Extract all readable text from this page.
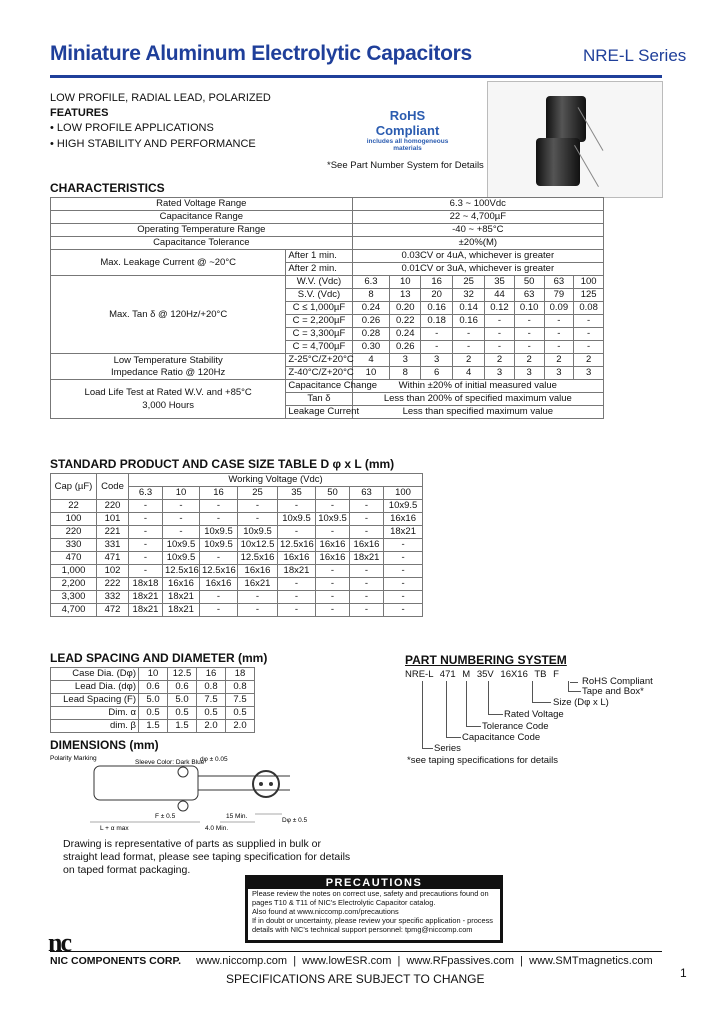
Miniature Aluminum Electrolytic Capacitors	NRE-L Series
LOW PROFILE, RADIAL LEAD, POLARIZED
FEATURES
• LOW PROFILE APPLICATIONS
• HIGH STABILITY AND PERFORMANCE
RoHS
Compliant
includes all homogeneous materials
*See Part Number System for Details
CHARACTERISTICS
Rated Voltage Range		6.3 ~ 100Vdc							
Capacitance Range		22 ~ 4,700µF							
Operating Temperature Range		-40 ~ +85°C							
Capacitance Tolerance		±20%(M)							
Max. Leakage Current @ ~20°C	After 1 min.	0.03CV or 4uA, whichever is greater							
	After 2 min.	0.01CV or 3uA, whichever is greater							
Max. Tan δ @ 120Hz/+20°C	W.V. (Vdc)	6.3	10	16	25	35	50	63	100
	S.V. (Vdc)	8	13	20	32	44	63	79	125
	C ≤ 1,000µF	0.24	0.20	0.16	0.14	0.12	0.10	0.09	0.08
	C = 2,200µF	0.26	0.22	0.18	0.16	-	-	-	-
	C = 3,300µF	0.28	0.24	-	-	-	-	-	-
	C = 4,700µF	0.30	0.26	-	-	-	-	-	-
Low Temperature Stability
Impedance Ratio @ 120Hz	Z-25°C/Z+20°C	4	3	3	2	2	2	2	2
	Z-40°C/Z+20°C	10	8	6	4	3	3	3	3
Load Life Test at Rated W.V. and +85°C
3,000 Hours	Capacitance Change	Within ±20% of initial measured value							
	Tan δ	Less than 200% of specified maximum value							
	Leakage Current	Less than specified maximum value							
STANDARD PRODUCT AND CASE SIZE TABLE D φ x L (mm)
Cap (µF)	Code	Working Voltage (Vdc)							
		6.3	10	16	25	35	50	63	100
22	220	-	-	-	-	-	-	-	10x9.5
100	101	-	-	-	-	10x9.5	10x9.5	-	16x16
220	221	-	-	10x9.5	10x9.5	-	-	-	18x21
330	331	-	10x9.5	10x9.5	10x12.5	12.5x16	16x16	16x16	-
470	471	-	10x9.5	-	12.5x16	16x16	16x16	18x21	-
1,000	102	-	12.5x16	12.5x16	16x16	18x21	-	-	-
2,200	222	18x18	16x16	16x16	16x21	-	-	-	-
3,300	332	18x21	18x21	-	-	-	-	-	-
4,700	472	18x21	18x21	-	-	-	-	-	-
LEAD SPACING AND DIAMETER (mm)
Case Dia. (Dφ)	10	12.5	16	18
Lead Dia. (dφ)	0.6	0.6	0.8	0.8
Lead Spacing (F)	5.0	5.0	7.5	7.5
Dim. α	0.5	0.5	0.5	0.5
dim. β	1.5	1.5	2.0	2.0
PART NUMBERING SYSTEM
NRE-L 471 M 35V 16X16 TB F
RoHS Compliant
Tape and Box*
Size (Dφ x L)
Rated Voltage
Tolerance Code
Capacitance Code
Series
*see taping specifications for details
DIMENSIONS (mm)
Polarity Marking
Sleeve Color: Dark Blue
L + α max
F ± 0.5
4.0 Min.
15 Min.
dφ ± 0.05
Dφ ± 0.5
Drawing is representative of parts as supplied in bulk or
straight lead format, please see taping specification for details
on taped format packaging.
PRECAUTIONS
Please review the notes on correct use, safety and precautions found on
pages T10 & T11 of NIC's Electrolytic Capacitor catalog.
Also found at www.niccomp.com/precautions
If in doubt or uncertainty, please review your specific application - process
details with NIC's technical support personnel: tpmg@niccomp.com
nc
NIC COMPONENTS CORP. www.niccomp.com  |  www.lowESR.com  |  www.RFpassives.com  |  www.SMTmagnetics.com
1
SPECIFICATIONS ARE SUBJECT TO CHANGE
